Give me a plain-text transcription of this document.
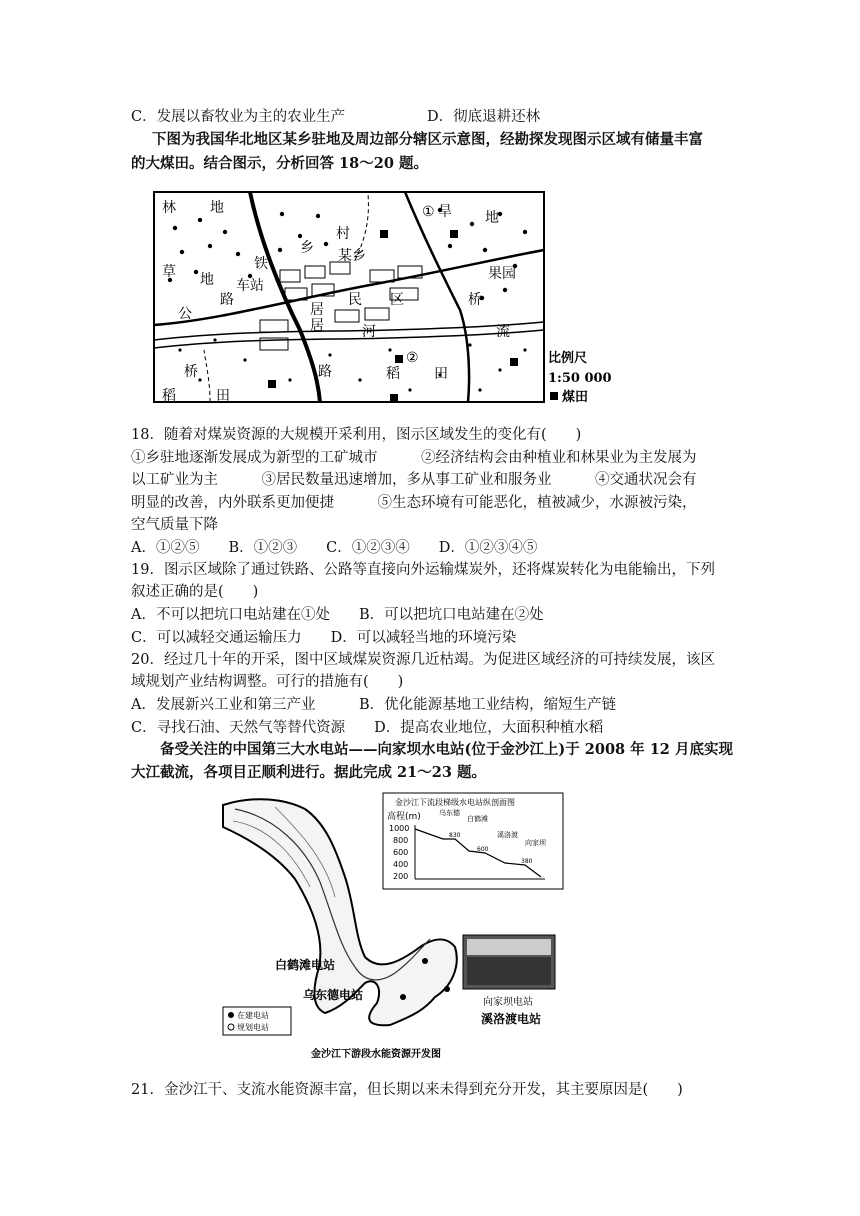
C．发展以畜牧业为主的农业生产	D．彻底退耕还林
下图为我国华北地区某乡驻地及周边部分辖区示意图，经勘探发现图示区域有储量丰富
的大煤田。结合图示，分析回答 18～20 题。
林 地
村
乡 某乡
① 旱 地
草 地
铁
车站
路
果园
公	居
居
民 区	桥
河	流
桥
②
稻 田
路
稻	田
比例尺
1:50 000
煤田
18．随着对煤炭资源的大规模开采利用，图示区域发生的变化有(　　)
①乡驻地逐渐发展成为新型的工矿城市　　　②经济结构会由种植业和林果业为主发展为
以工矿业为主　　　③居民数量迅速增加，多从事工矿业和服务业　　　④交通状况会有
明显的改善，内外联系更加便捷　　　⑤生态环境有可能恶化，植被减少，水源被污染，
空气质量下降
A．①②⑤　　B．①②③　　C．①②③④　　D．①②③④⑤
19．图示区域除了通过铁路、公路等直接向外运输煤炭外，还将煤炭转化为电能输出，下列
叙述正确的是(　　)
A．不可以把坑口电站建在①处　　B．可以把坑口电站建在②处
C．可以减轻交通运输压力　　D．可以减轻当地的环境污染
20．经过几十年的开采，图中区域煤炭资源几近枯竭。为促进区域经济的可持续发展，该区
域规划产业结构调整。可行的措施有(　　)
A．发展新兴工业和第三产业　　　B．优化能源基地工业结构，缩短生产链
C．寻找石油、天然气等替代资源　　D．提高农业地位，大面积种植水稻
备受关注的中国第三大水电站——向家坝水电站(位于金沙江上)于 2008 年 12 月底实现
大江截流，各项目正顺利进行。据此完成 21～23 题。
金沙江下流段梯级水电站纵剖面图
高程(m)
1000
800
600
400
200
乌东德
白鹤滩
溪洛渡
向家坝
830
600
380
向家坝电站
白鹤滩电站
乌东德电站
溪洛渡电站
在建电站
规划电站
金沙江下游段水能资源开发图
21．金沙江干、支流水能资源丰富，但长期以来未得到充分开发，其主要原因是(　　)
